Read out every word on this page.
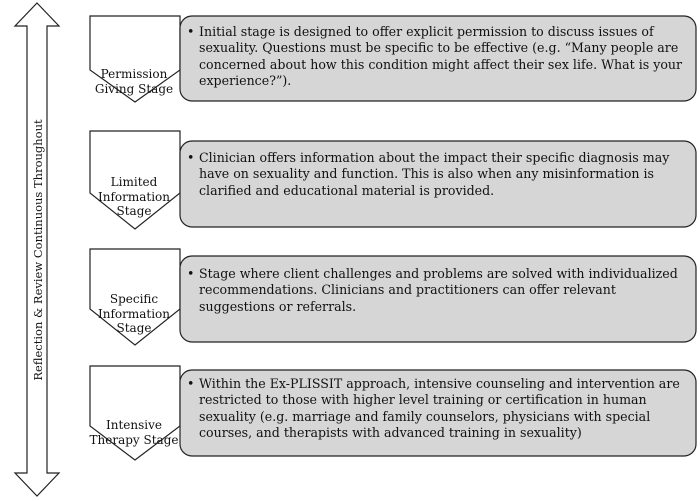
Reflection & Review Continuous Throughout
Permission
Giving Stage
Limited
Information
Stage
Specific
Information
Stage
Intensive
Therapy Stage
• Initial stage is designed to offer explicit permission to discuss issues of sexuality. Questions must be specific to be effective (e.g. “Many people are concerned about how this condition might affect their sex life. What is your experience?”).
• Clinician offers information about the impact their specific diagnosis may have on sexuality and function. This is also when any misinformation is clarified and educational material is provided.
• Stage where client challenges and problems are solved with individualized recommendations. Clinicians and practitioners can offer relevant suggestions or referrals.
• Within the Ex-PLISSIT approach, intensive counseling and intervention are restricted to those with higher level training or certification in human sexuality (e.g. marriage and family counselors, physicians with special courses, and therapists with advanced training in sexuality)
